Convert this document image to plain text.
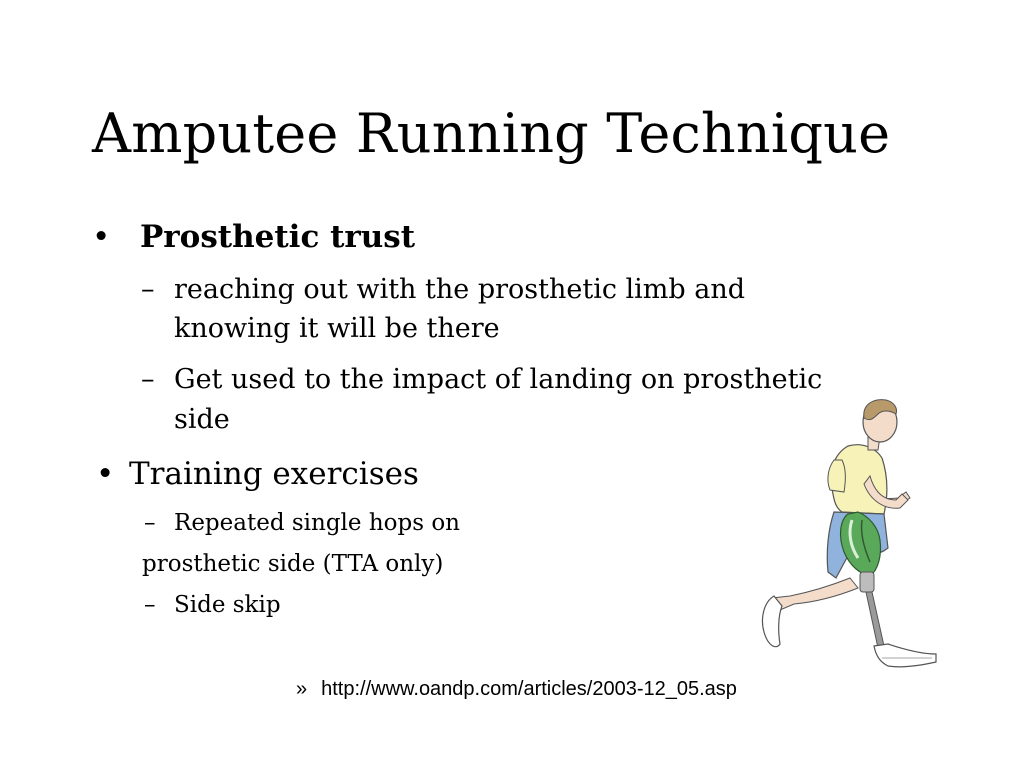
Amputee Running Technique
• Prosthetic trust
– reaching out with the prosthetic limb and
knowing it will be there
– Get used to the impact of landing on prosthetic
side
• Training exercises
– Repeated single hops on
prosthetic side (TTA only)
– Side skip
» http://www.oandp.com/articles/2003-12_05.asp
